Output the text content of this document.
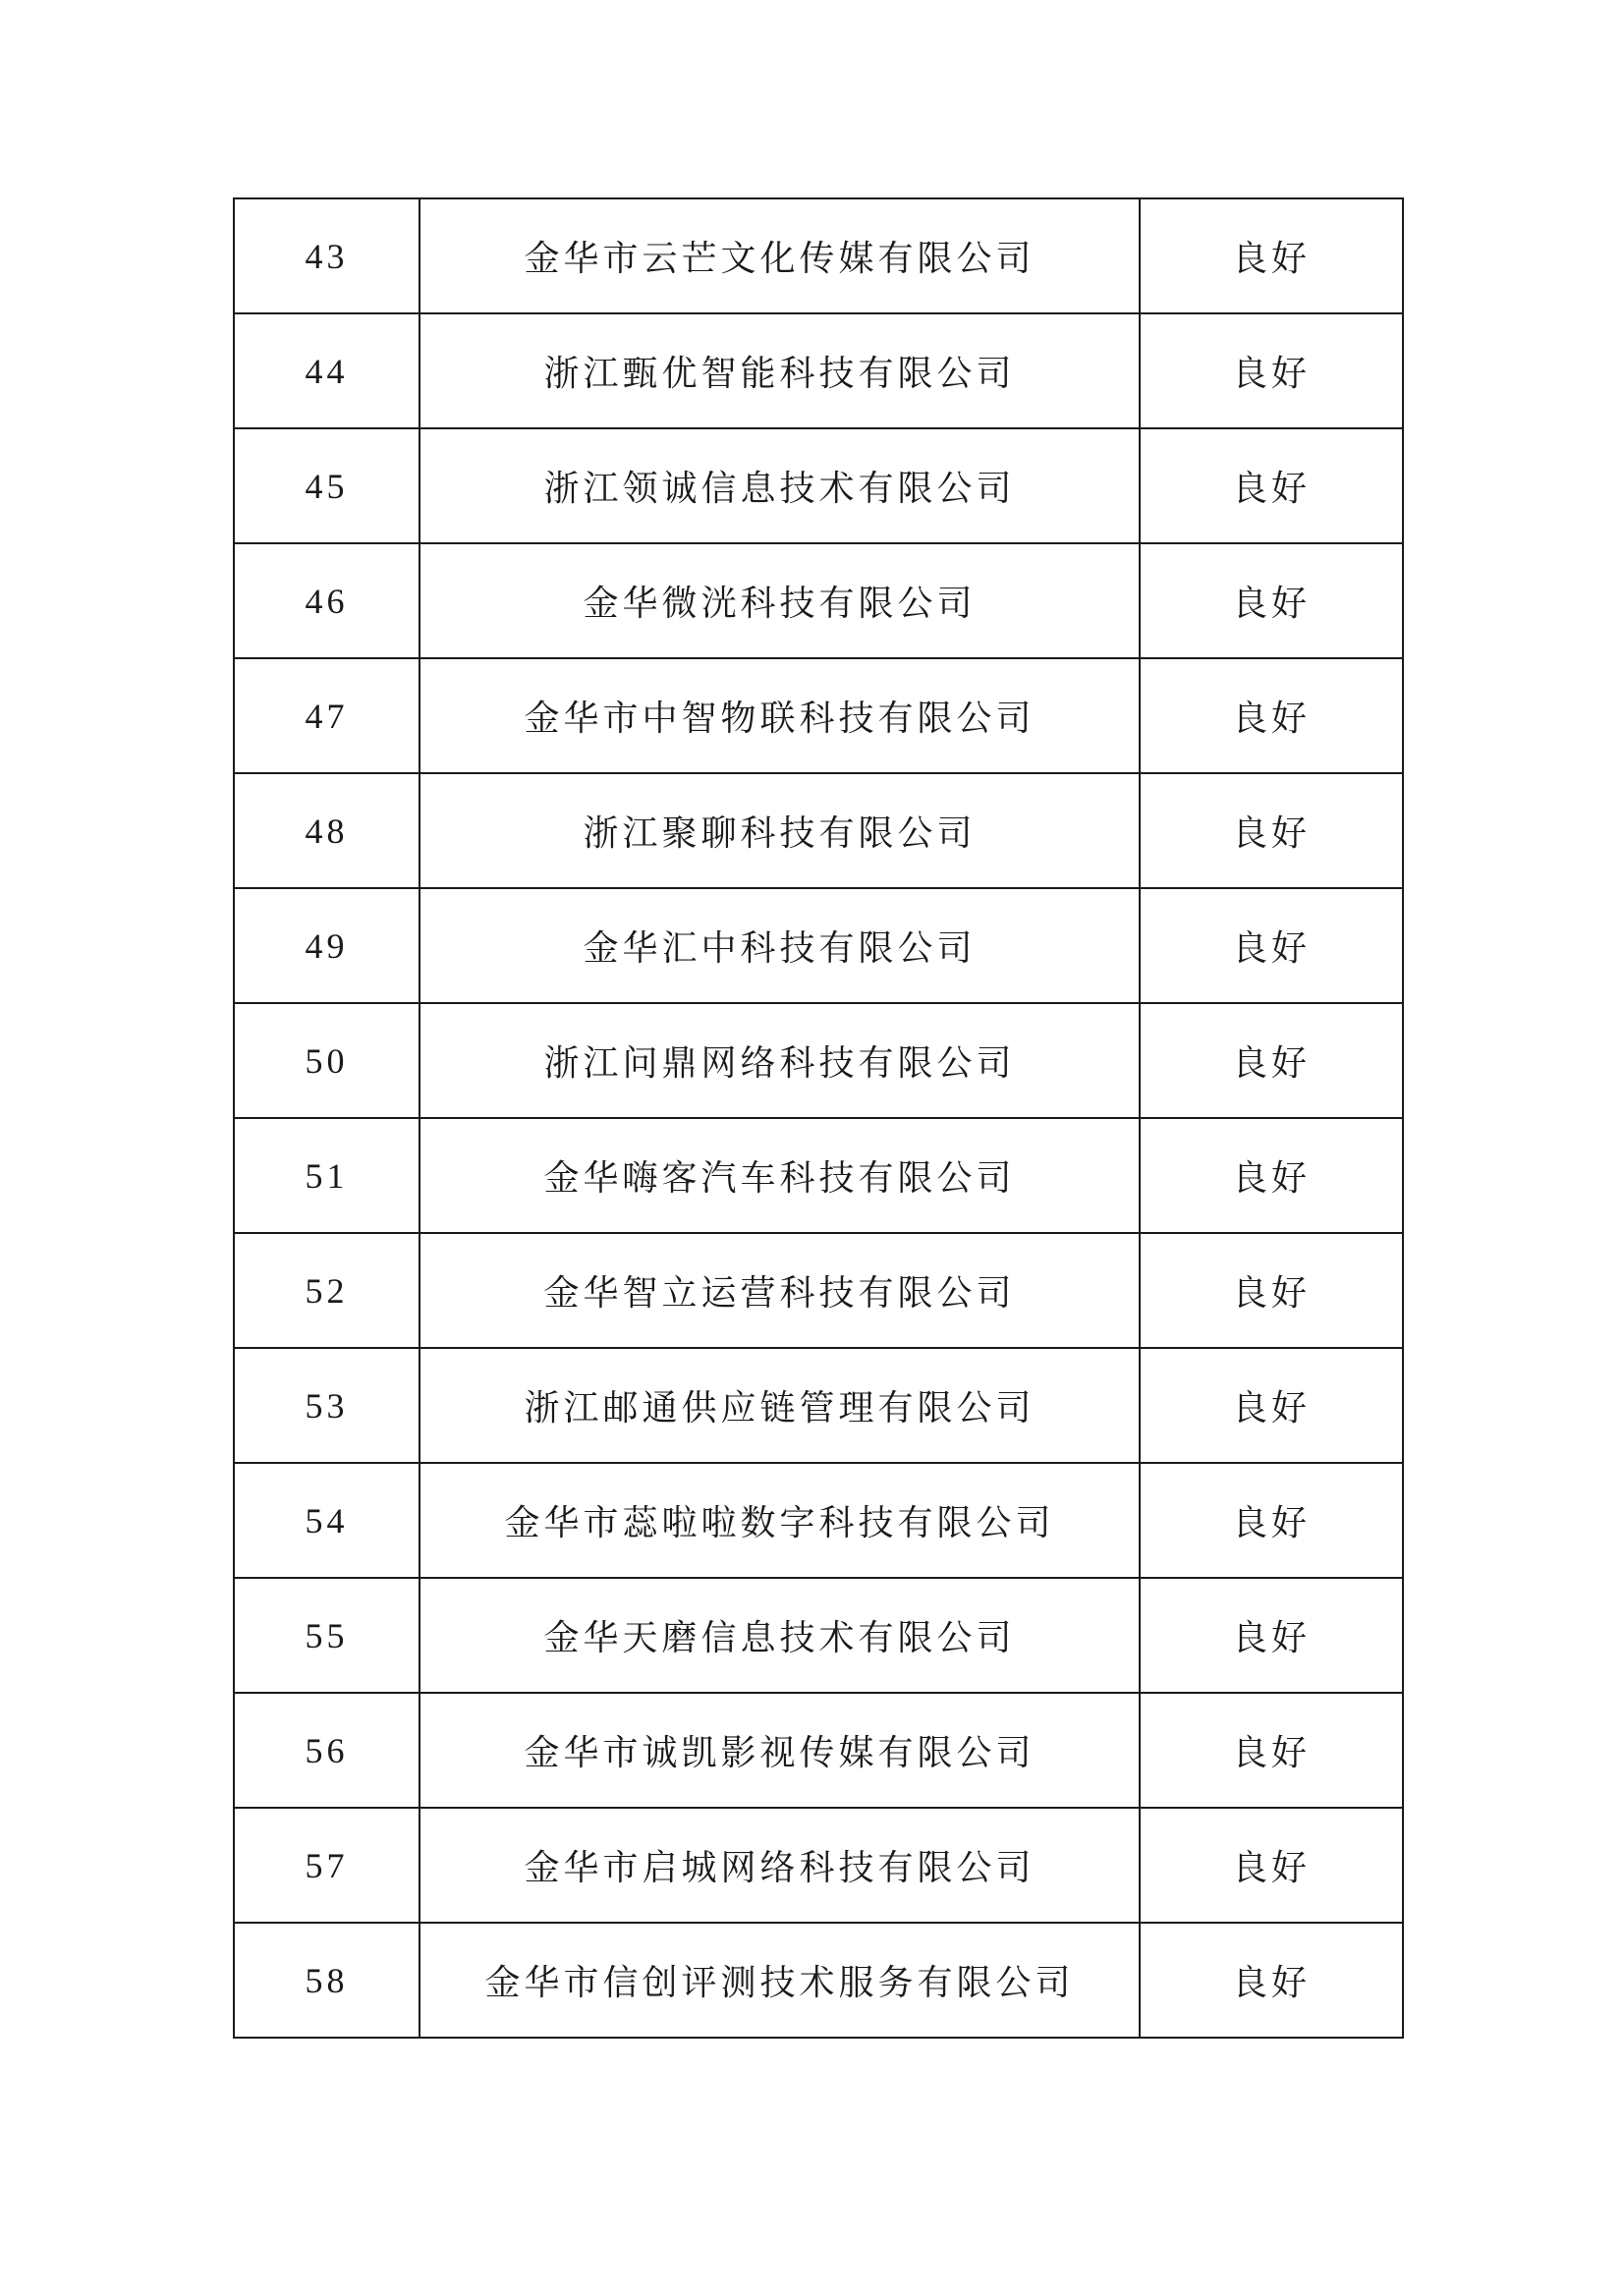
43	金华市云芒文化传媒有限公司	良好
44	浙江甄优智能科技有限公司	良好
45	浙江领诚信息技术有限公司	良好
46	金华微洸科技有限公司	良好
47	金华市中智物联科技有限公司	良好
48	浙江聚聊科技有限公司	良好
49	金华汇中科技有限公司	良好
50	浙江问鼎网络科技有限公司	良好
51	金华嗨客汽车科技有限公司	良好
52	金华智立运营科技有限公司	良好
53	浙江邮通供应链管理有限公司	良好
54	金华市蕊啦啦数字科技有限公司	良好
55	金华天磨信息技术有限公司	良好
56	金华市诚凯影视传媒有限公司	良好
57	金华市启城网络科技有限公司	良好
58	金华市信创评测技术服务有限公司	良好
